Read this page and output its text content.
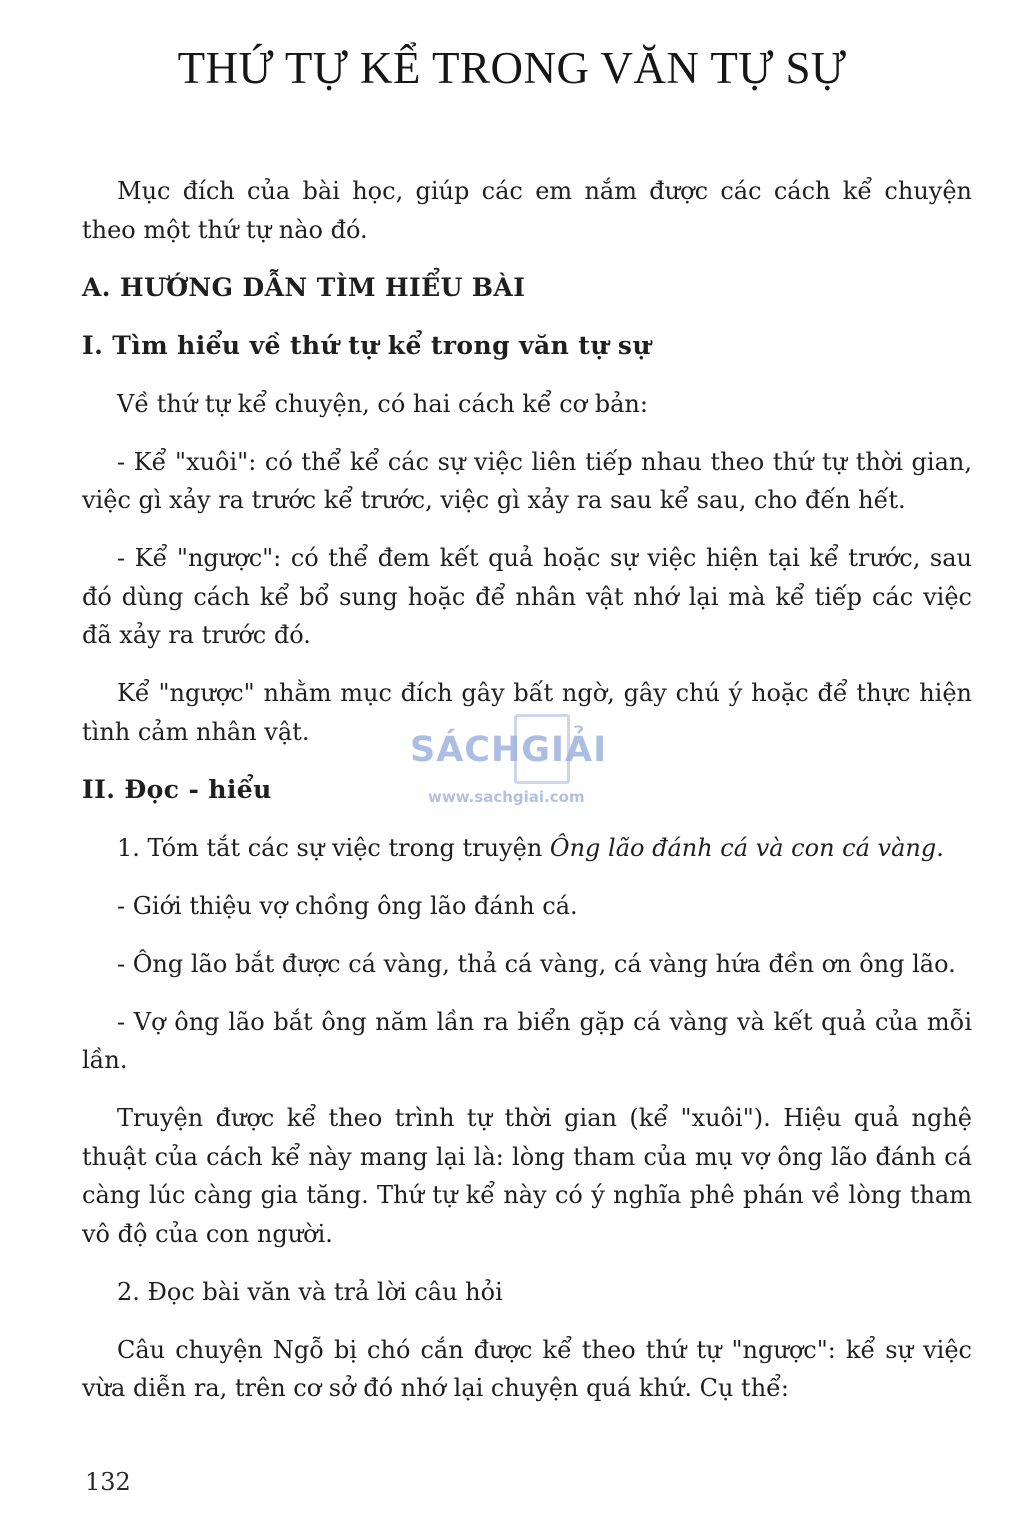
THỨ TỰ KỂ TRONG VĂN TỰ SỰ

Mục đích của bài học, giúp các em nắm được các cách kể chuyện theo một thứ tự nào đó.

A. HƯỚNG DẪN TÌM HIỂU BÀI
I. Tìm hiểu về thứ tự kể trong văn tự sự

Về thứ tự kể chuyện, có hai cách kể cơ bản:

- Kể "xuôi": có thể kể các sự việc liên tiếp nhau theo thứ tự thời gian, việc gì xảy ra trước kể trước, việc gì xảy ra sau kể sau, cho đến hết.

- Kể "ngược": có thể đem kết quả hoặc sự việc hiện tại kể trước, sau đó dùng cách kể bổ sung hoặc để nhân vật nhớ lại mà kể tiếp các việc đã xảy ra trước đó.

Kể "ngược" nhằm mục đích gây bất ngờ, gây chú ý hoặc để thực hiện tình cảm nhân vật.

II. Đọc - hiểu

1. Tóm tắt các sự việc trong truyện Ông lão đánh cá và con cá vàng.

- Giới thiệu vợ chồng ông lão đánh cá.

- Ông lão bắt được cá vàng, thả cá vàng, cá vàng hứa đền ơn ông lão.

- Vợ ông lão bắt ông năm lần ra biển gặp cá vàng và kết quả của mỗi lần.

Truyện được kể theo trình tự thời gian (kể "xuôi"). Hiệu quả nghệ thuật của cách kể này mang lại là: lòng tham của mụ vợ ông lão đánh cá càng lúc càng gia tăng. Thứ tự kể này có ý nghĩa phê phán về lòng tham vô độ của con người.

2. Đọc bài văn và trả lời câu hỏi

Câu chuyện Ngỗ bị chó cắn được kể theo thứ tự "ngược": kể sự việc vừa diễn ra, trên cơ sở đó nhớ lại chuyện quá khứ. Cụ thể:

SÁCHGIẢI
www.sachgiai.com
132
